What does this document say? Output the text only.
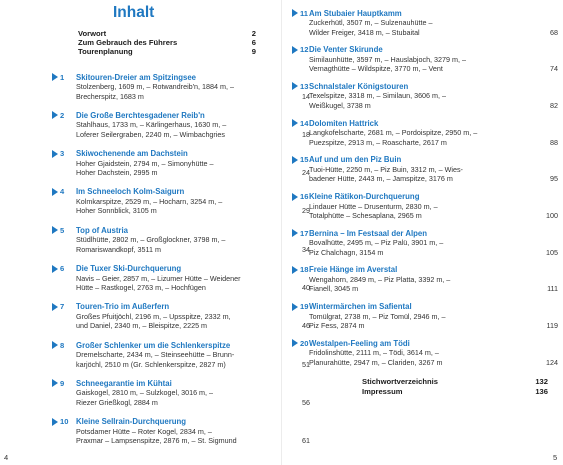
Inhalt
Vorwort	2
Zum Gebrauch des Führers	6
Tourenplanung	9
1 Skitouren-Dreier am Spitzingsee
Stolzenberg, 1609 m, – Rotwandreib'n, 1884 m, –
Brecherspitz, 1683 m	14
2 Die Große Berchtesgadener Reib'n
Stahlhaus, 1733 m, – Kärlingerhaus, 1630 m, –
Loferer Seilergraben, 2240 m, – Wimbachgries	18
3 Skiwochenende am Dachstein
Hoher Gjaidstein, 2794 m, – Simonyhütte –
Hoher Dachstein, 2995 m	24
4 Im Schneeloch Kolm-Saigurn
Kolmkarspitze, 2529 m, – Hocharn, 3254 m, –
Hoher Sonnblick, 3105 m	29
5 Top of Austria
Stüdlhütte, 2802 m, – Großglockner, 3798 m, –
Romariswandkopf, 3511 m	34
6 Die Tuxer Ski-Durchquerung
Navis – Geier, 2857 m, – Lizumer Hütte – Weidener
Hütte – Rastkogel, 2763 m, – Hochfügen	40
7 Touren-Trio im Außerfern
Großes Pfuitjöchl, 2196 m, – Upsspitze, 2332 m,
und Daniel, 2340 m, – Bleispitze, 2225 m	46
8 Großer Schlenker um die Schlenkerspitze
Dremelscharte, 2434 m, – Steinseehütte – Brunn-
karjöchl, 2510 m (Gr. Schlenkerspitze, 2827 m)	51
9 Schneegarantie im Kühtai
Gaiskogel, 2810 m, – Sulzkogel, 3016 m, –
Riezer Grießkogl, 2884 m	56
10 Kleine Sellrain-Durchquerung
Potsdamer Hütte – Roter Kogel, 2834 m, –
Praxmar – Lampsenspitze, 2876 m, – St. Sigmund	61
4
11 Am Stubaier Hauptkamm
Zuckerhütl, 3507 m, – Sulzenauhütte –
Wilder Freiger, 3418 m, – Stubaital	68
12 Die Venter Skirunde
Similaunhütte, 3597 m, – Hauslabjoch, 3279 m, –
Vernagthütte – Wildspitze, 3770 m, – Vent	74
13 Schnalstaler Königstouren
Texelspitze, 3318 m, – Similaun, 3606 m, –
Weißkugel, 3738 m	82
14 Dolomiten Hattrick
Langkofelscharte, 2681 m, – Pordoispitze, 2950 m, –
Puezspitze, 2913 m, – Roascharte, 2617 m	88
15 Auf und um den Piz Buin
Tuoi-Hütte, 2250 m, – Piz Buin, 3312 m, – Wies-
badener Hütte, 2443 m, – Jamspitze, 3176 m	95
16 Kleine Rätikon-Durchquerung
Lindauer Hütte – Drusenturm, 2830 m, –
Totalphütte – Schesaplana, 2965 m	100
17 Bernina – Im Festsaal der Alpen
Bovalhütte, 2495 m, – Piz Palü, 3901 m, –
Piz Chalchagn, 3154 m	105
18 Freie Hänge im Averstal
Wengahorn, 2849 m, – Piz Platta, 3392 m, –
Fianell, 3045 m	111
19 Wintermärchen im Safiental
Tomülgrat, 2738 m, – Piz Tomül, 2946 m, –
Piz Fess, 2874 m	119
20 Westalpen-Feeling am Tödi
Fridolinshütte, 2111 m, – Tödi, 3614 m, –
Planurahütte, 2947 m, – Clariden, 3267 m	124
Stichwortverzeichnis	132
Impressum	136
5
